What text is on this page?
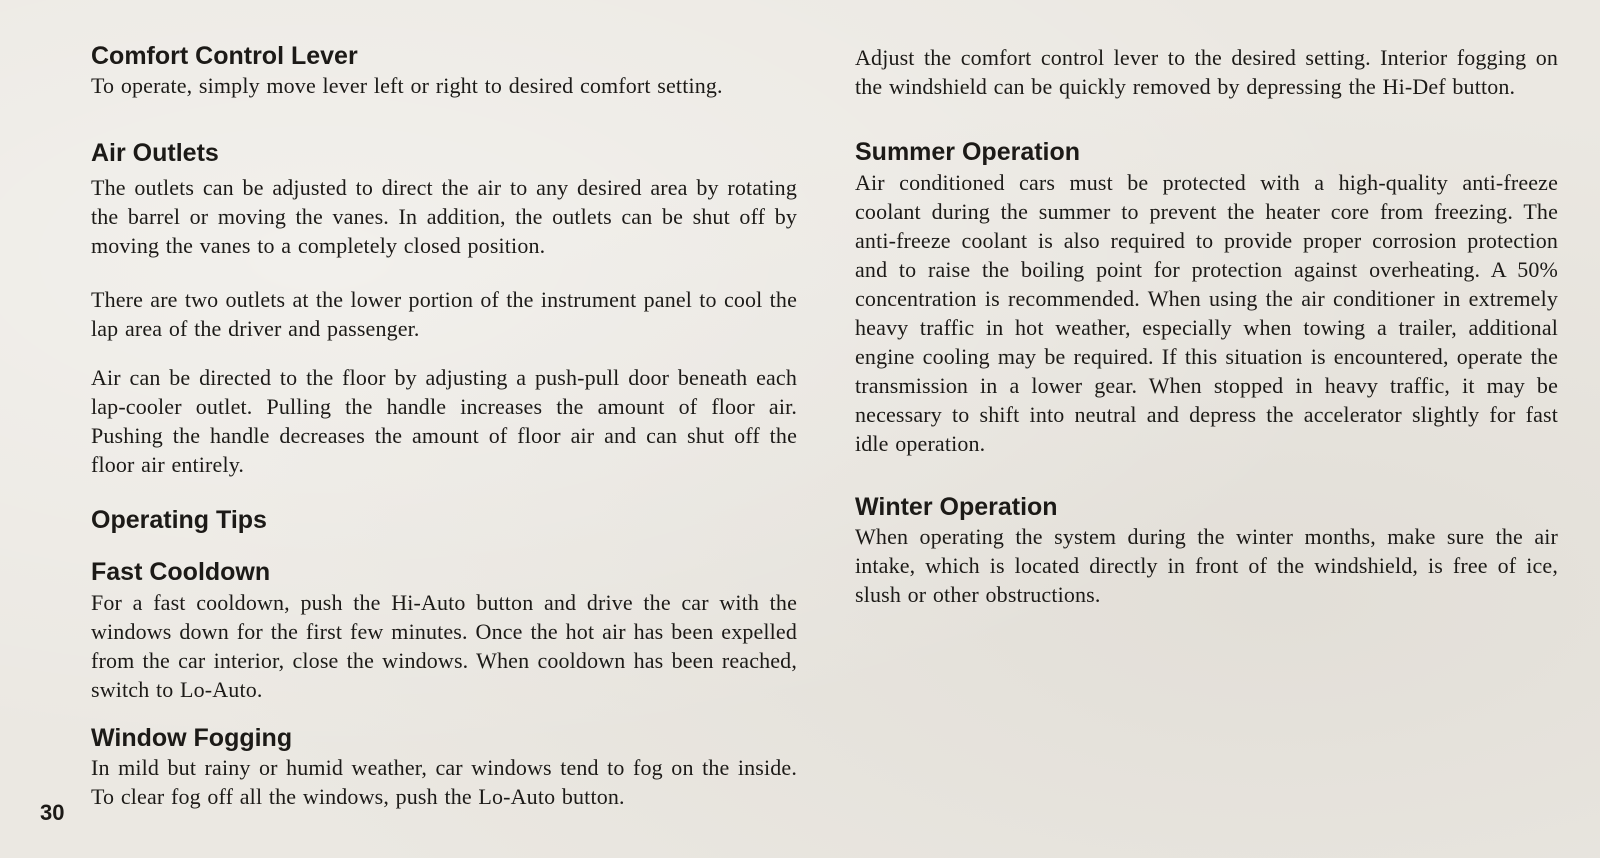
Comfort Control Lever

To operate, simply move lever left or right to desired comfort setting.

Air Outlets

The outlets can be adjusted to direct the air to any desired area by rotating the barrel or moving the vanes. In addition, the outlets can be shut off by moving the vanes to a completely closed position.

There are two outlets at the lower portion of the instrument panel to cool the lap area of the driver and passenger.

Air can be directed to the floor by adjusting a push-pull door beneath each lap-cooler outlet. Pulling the handle increases the amount of floor air. Pushing the handle decreases the amount of floor air and can shut off the floor air entirely.

Operating Tips
Fast Cooldown

For a fast cooldown, push the Hi-Auto button and drive the car with the windows down for the first few minutes. Once the hot air has been expelled from the car interior, close the windows. When cooldown has been reached, switch to Lo-Auto.

Window Fogging

In mild but rainy or humid weather, car windows tend to fog on the inside. To clear fog off all the windows, push the Lo-Auto button.

Adjust the comfort control lever to the desired setting. Interior fogging on the windshield can be quickly removed by depressing the Hi-Def button.

Summer Operation

Air conditioned cars must be protected with a high-quality anti-freeze coolant during the summer to prevent the heater core from freezing. The anti-freeze coolant is also required to provide proper corrosion protection and to raise the boiling point for protection against overheating. A 50% concentration is recommended. When using the air conditioner in extremely heavy traffic in hot weather, especially when towing a trailer, additional engine cooling may be required. If this situation is encountered, operate the transmission in a lower gear. When stopped in heavy traffic, it may be necessary to shift into neutral and depress the accelerator slightly for fast idle operation.

Winter Operation

When operating the system during the winter months, make sure the air intake, which is located directly in front of the windshield, is free of ice, slush or other obstructions.

30
